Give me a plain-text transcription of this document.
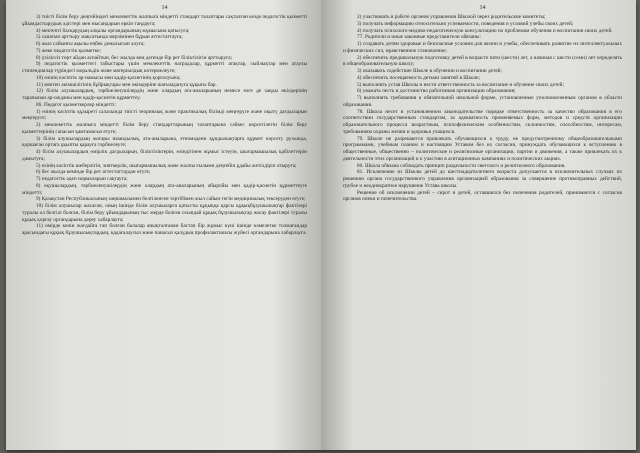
14

3) тиісті білім беру деңгейіндегі мемлекеттік жалпыға міндетті стандарт талаптары сақталған кезде педагогтік қызметті ұйымдастырудың әдістері мен нысандарын еркін таңдауға;

4) мектепті басқарудың алқалы органдарының жұмысына қатысуға;

5) санатын арттыру мақсатында мерзімінен бұрын аттестаттауға;

6) жыл сайынғы ақылы еңбек демалысын алуға;

7) жеке педагогтік қызметке;

8) үзіліссіз төрт айдан аспайтын, бес жылда кем дегенде бір рет біліктілігін арттыруға;

9) педагогтік қызметтегі табыстары үшін мемлекеттік наградалар, құрметті атақтар, сыйлықтар мен атаулы стипендиялар түріндегі моральдік және материалдық көтермелеуге;

10) өзінің кәсіптік ар-намысы мен қадір-қасиетінің қорғалуына;

11) мектеп әкімшілігінің бұйрықтары мен өкімдеріне шағымдануға құқығы бар.

12) білім алушылардың, тәрбиеленушілердің және олардың ата-аналарының немесе өзге де заңды өкілдерінің тарапынан ар-ожданы мен қадір-қасиетін құрметтеу.

86. Педагог қызметкерлер міндетті:

1) өзінің кәсіптік құзыреті саласында тиісті теориялық және практикалық білімді меңгеруге және оқыту дағдыларын меңгеруге;

2) мемлекеттік жалпыға міндетті білім беру стандарттарының талаптарына сәйкес көрсетілетін білім беру қызметтерінің сапасын қамтамасыз етуге;

3) білім алушылардың жоғары имандылық, ата-аналарына, этномәдени құндылықтарға құрмет көрсету рухында, қоршаған ортаға ұқыпты қарауға тәрбиелеуге;

4) білім алушылардың өмірлік дағдыларын, біліктіліктерін, өзіндігінен жұмыс істеуін, шығармашылық қабілеттерін дамытуға;

5) өзінің кәсіптік шеберлігін, зияткерлік, шығармашылық және жалпы ғылыми деңгейін ұдайы жетілдіріп отыруға;

6) бес жылда кемінде бір рет аттестаттаудан өтуге;

7) педагогтік әдеп нормаларын сақтауға;

8) оқушылардың, тәрбиеленушілердің және олардың ата-аналарының абыройы мен қадір-қасиетін құрметтеуге міндетті;

9) Қазақстан Республикасының заңнамасымен белгіленген тәртібімен жыл сайын тегін медициналық тексеруден өтуге;

10) білім алушылар жасаған, оның ішінде білім алушыларға қатысты құқыққа қарсы құқықбұзушылықтар фактілері туралы ол белгілі болған, білім беру ұйымдарының тыс жерде болған осындай құқық бұзушылықтар жасау фактілері туралы құқық қорғау органдарына дереу хабарлауға;

11) өмірде кенін жағдайға тап болған балалар анықталғанан бастап бір жұмыс күні ішінде кәмелетке толмағандар арасындағы құқық бұзушылықтардың, қадағалаусыз және панасыз қалудың профилактикасы жүйесі органдарына хабарлауға.

14

2) участвовать в работе органов управления Школой через родительские комитеты;

3) получать информацию относительно успеваемости, поведения и условий учебы своих детей;

4) получать психолого-медико-педагогическую консультацию по проблемам обучения и воспитания своих детей.

77. Родители и иные законные представители обязаны:

1) создавать детям здоровые и безопасные условия для жизни и учебы, обеспечивать развитие их интеллектуальных и физических сил, нравственное становление;

2) обеспечить предшкольную подготовку детей в возрасте пяти (шести) лет, а начиная с шести (семи) лет определять в общеобразовательную школу;

3) оказывать содействие Школе в обучении и воспитании детей;

4) обеспечить посещаемость детьми занятий в Школе;

5) выполнять устав Школы и нести ответственность за воспитание и обучение своих детей;

6) уважать честь и достоинство работников организации образования;

7) выполнять требования к обязательной школьной форме, установленные уполномоченным органом в области образования.

78. Школа несет в установленном законодательстве порядке ответственность за качество образования в его соответствии государственным стандартам, за адекватность применяемых форм, методов и средств организации образовательного процесса возрастным, психофизическим особенностям, склонностям, способностям, интересам, требованиям охраны жизни и здоровья учащихся.

79. Школе не разрешается привлекать обучающихся к труду, не предусмотренному общеобразовательными программами, учебным планом и настоящим Уставом без их согласия, принуждать обучающихся к вступлению в общественные, общественно – политические и религиозные организации, партии и движения, а также привлекать их к деятельности этих организаций и к участию в агитационных кампаниях и политических акциях.

80. Школа обязана соблюдать принцип раздельности светского и религиозного образования.

81. Исключение из Школы детей до шестнадцатилетнего возраста допускается в исключительных случаях по решению органа государственного управления организацией образования за совершение противоправных действий, грубое и неоднократное нарушение Устава школы.

Решение об исключении детей – сирот и детей, оставшихся без попечения родителей, принимается с согласия органов опеки и попечительства.
